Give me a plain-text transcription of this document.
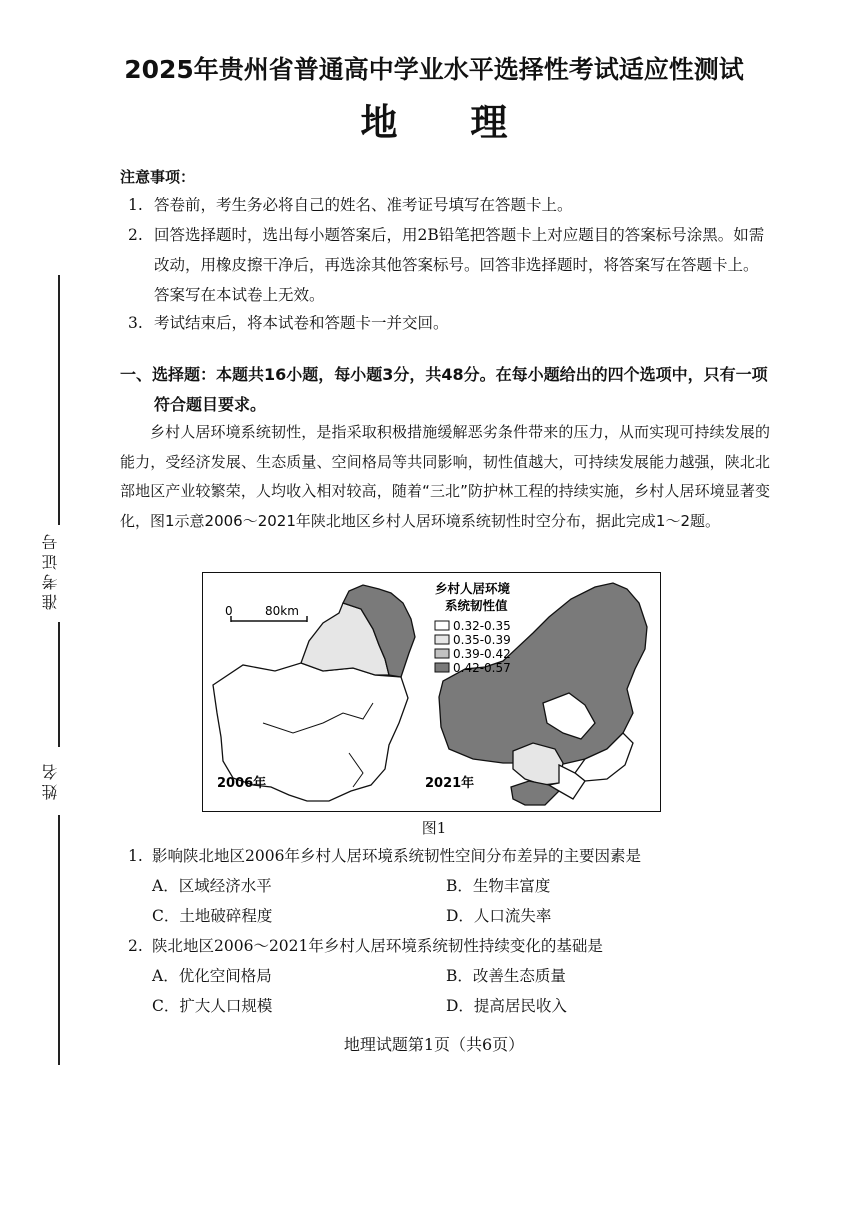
准考证号
姓名
2025年贵州省普通高中学业水平选择性考试适应性测试
地 理
注意事项：
1. 答卷前，考生务必将自己的姓名、准考证号填写在答题卡上。
2. 回答选择题时，选出每小题答案后，用2B铅笔把答题卡上对应题目的答案标号涂黑。如需改动，用橡皮擦干净后，再选涂其他答案标号。回答非选择题时，将答案写在答题卡上。答案写在本试卷上无效。
3. 考试结束后，将本试卷和答题卡一并交回。
一、选择题：本题共16小题，每小题3分，共48分。在每小题给出的四个选项中，只有一项符合题目要求。
乡村人居环境系统韧性，是指采取积极措施缓解恶劣条件带来的压力，从而实现可持续发展的能力，受经济发展、生态质量、空间格局等共同影响，韧性值越大，可持续发展能力越强，陕北北部地区产业较繁荣，人均收入相对较高，随着“三北”防护林工程的持续实施，乡村人居环境显著变化，图1示意2006～2021年陕北地区乡村人居环境系统韧性时空分布，据此完成1～2题。
0	80km
2006年	2021年
乡村人居环境
系统韧性值
0.32-0.35
0.35-0.39
0.39-0.42
0.42-0.57
图1
1. 影响陕北地区2006年乡村人居环境系统韧性空间分布差异的主要因素是
A．区域经济水平	B．生物丰富度
C．土地破碎程度	D．人口流失率
2. 陕北地区2006～2021年乡村人居环境系统韧性持续变化的基础是
A．优化空间格局	B．改善生态质量
C．扩大人口规模	D．提高居民收入
地理试题第1页（共6页）
